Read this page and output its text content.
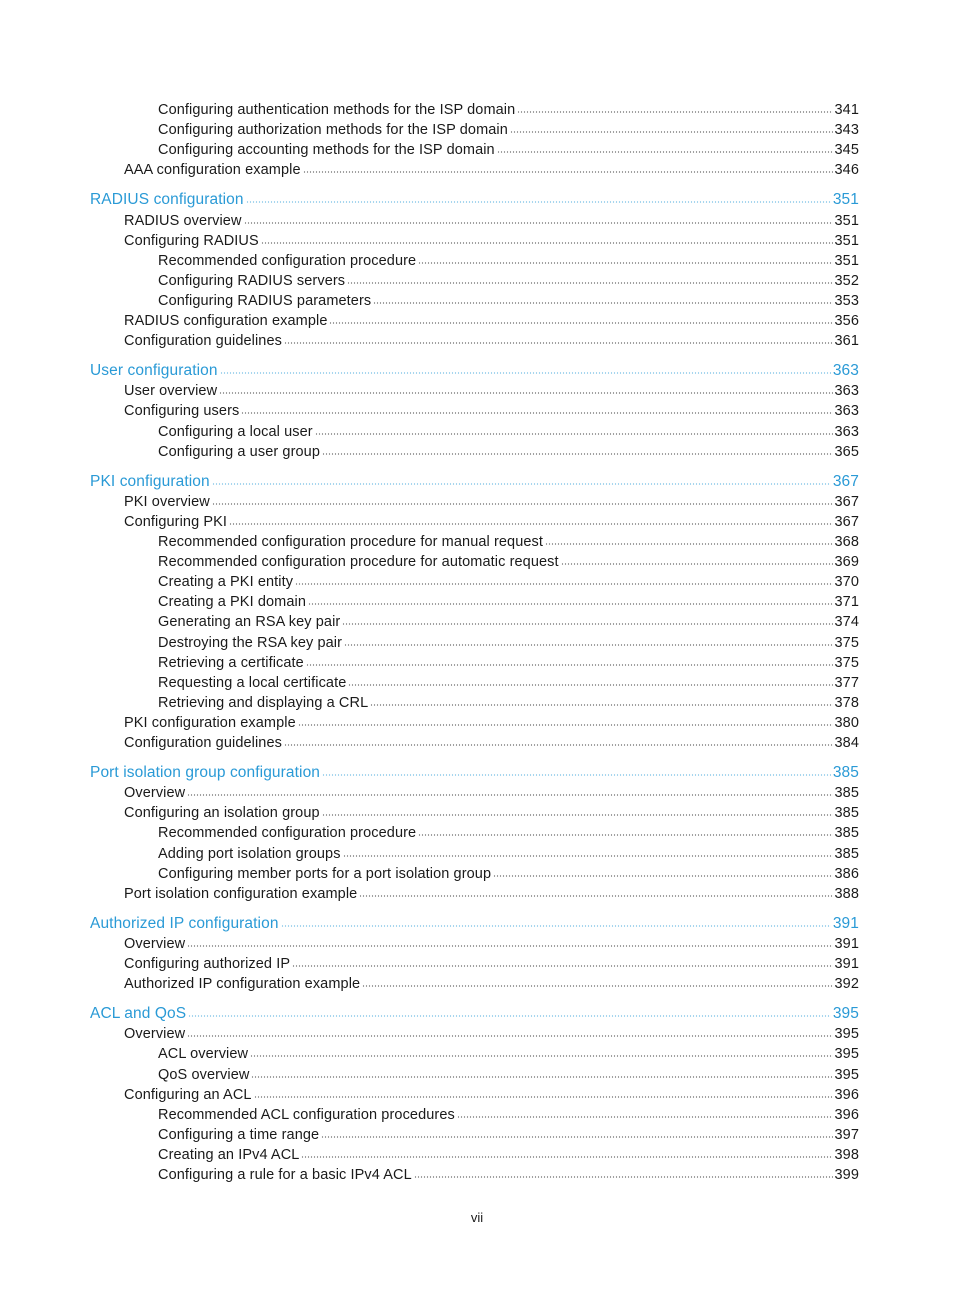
Configuring authentication methods for the ISP domain	341
Configuring authorization methods for the ISP domain	343
Configuring accounting methods for the ISP domain	345
AAA configuration example	346
RADIUS configuration	351
RADIUS overview	351
Configuring RADIUS	351
Recommended configuration procedure	351
Configuring RADIUS servers	352
Configuring RADIUS parameters	353
RADIUS configuration example	356
Configuration guidelines	361
User configuration	363
User overview	363
Configuring users	363
Configuring a local user	363
Configuring a user group	365
PKI configuration	367
PKI overview	367
Configuring PKI	367
Recommended configuration procedure for manual request	368
Recommended configuration procedure for automatic request	369
Creating a PKI entity	370
Creating a PKI domain	371
Generating an RSA key pair	374
Destroying the RSA key pair	375
Retrieving a certificate	375
Requesting a local certificate	377
Retrieving and displaying a CRL	378
PKI configuration example	380
Configuration guidelines	384
Port isolation group configuration	385
Overview	385
Configuring an isolation group	385
Recommended configuration procedure	385
Adding port isolation groups	385
Configuring member ports for a port isolation group	386
Port isolation configuration example	388
Authorized IP configuration	391
Overview	391
Configuring authorized IP	391
Authorized IP configuration example	392
ACL and QoS	395
Overview	395
ACL overview	395
QoS overview	395
Configuring an ACL	396
Recommended ACL configuration procedures	396
Configuring a time range	397
Creating an IPv4 ACL	398
Configuring a rule for a basic IPv4 ACL	399
vii
